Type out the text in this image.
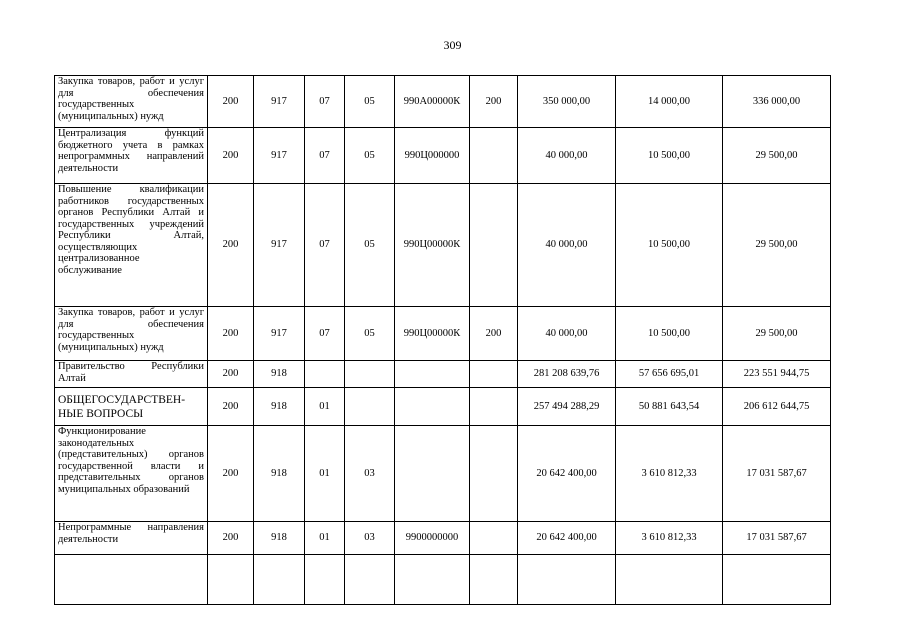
309
Закупка товаров, работ и услуг для обеспечения государственных (муниципальных) нужд	200	917	07	05	990А00000К	200	350 000,00	14 000,00	336 000,00
Централизация функций бюджетного учета в рамках непрограммных направлений деятельности	200	917	07	05	990Ц000000		40 000,00	10 500,00	29 500,00
Повышение квалификации работников государственных органов Республики Алтай и государственных учреждений Республики Алтай, осуществляющих централизованное обслуживание	200	917	07	05	990Ц00000К		40 000,00	10 500,00	29 500,00
Закупка товаров, работ и услуг для обеспечения государственных (муниципальных) нужд	200	917	07	05	990Ц00000К	200	40 000,00	10 500,00	29 500,00
Правительство Республики Алтай	200	918					281 208 639,76	57 656 695,01	223 551 944,75
ОБЩЕГОСУДАРСТВЕН-НЫЕ ВОПРОСЫ	200	918	01				257 494 288,29	50 881 643,54	206 612 644,75
Функционирование законодательных (представительных) органов государственной власти и представительных органов муниципальных образований	200	918	01	03			20 642 400,00	3 610 812,33	17 031 587,67
Непрограммные направления деятельности	200	918	01	03	9900000000		20 642 400,00	3 610 812,33	17 031 587,67
